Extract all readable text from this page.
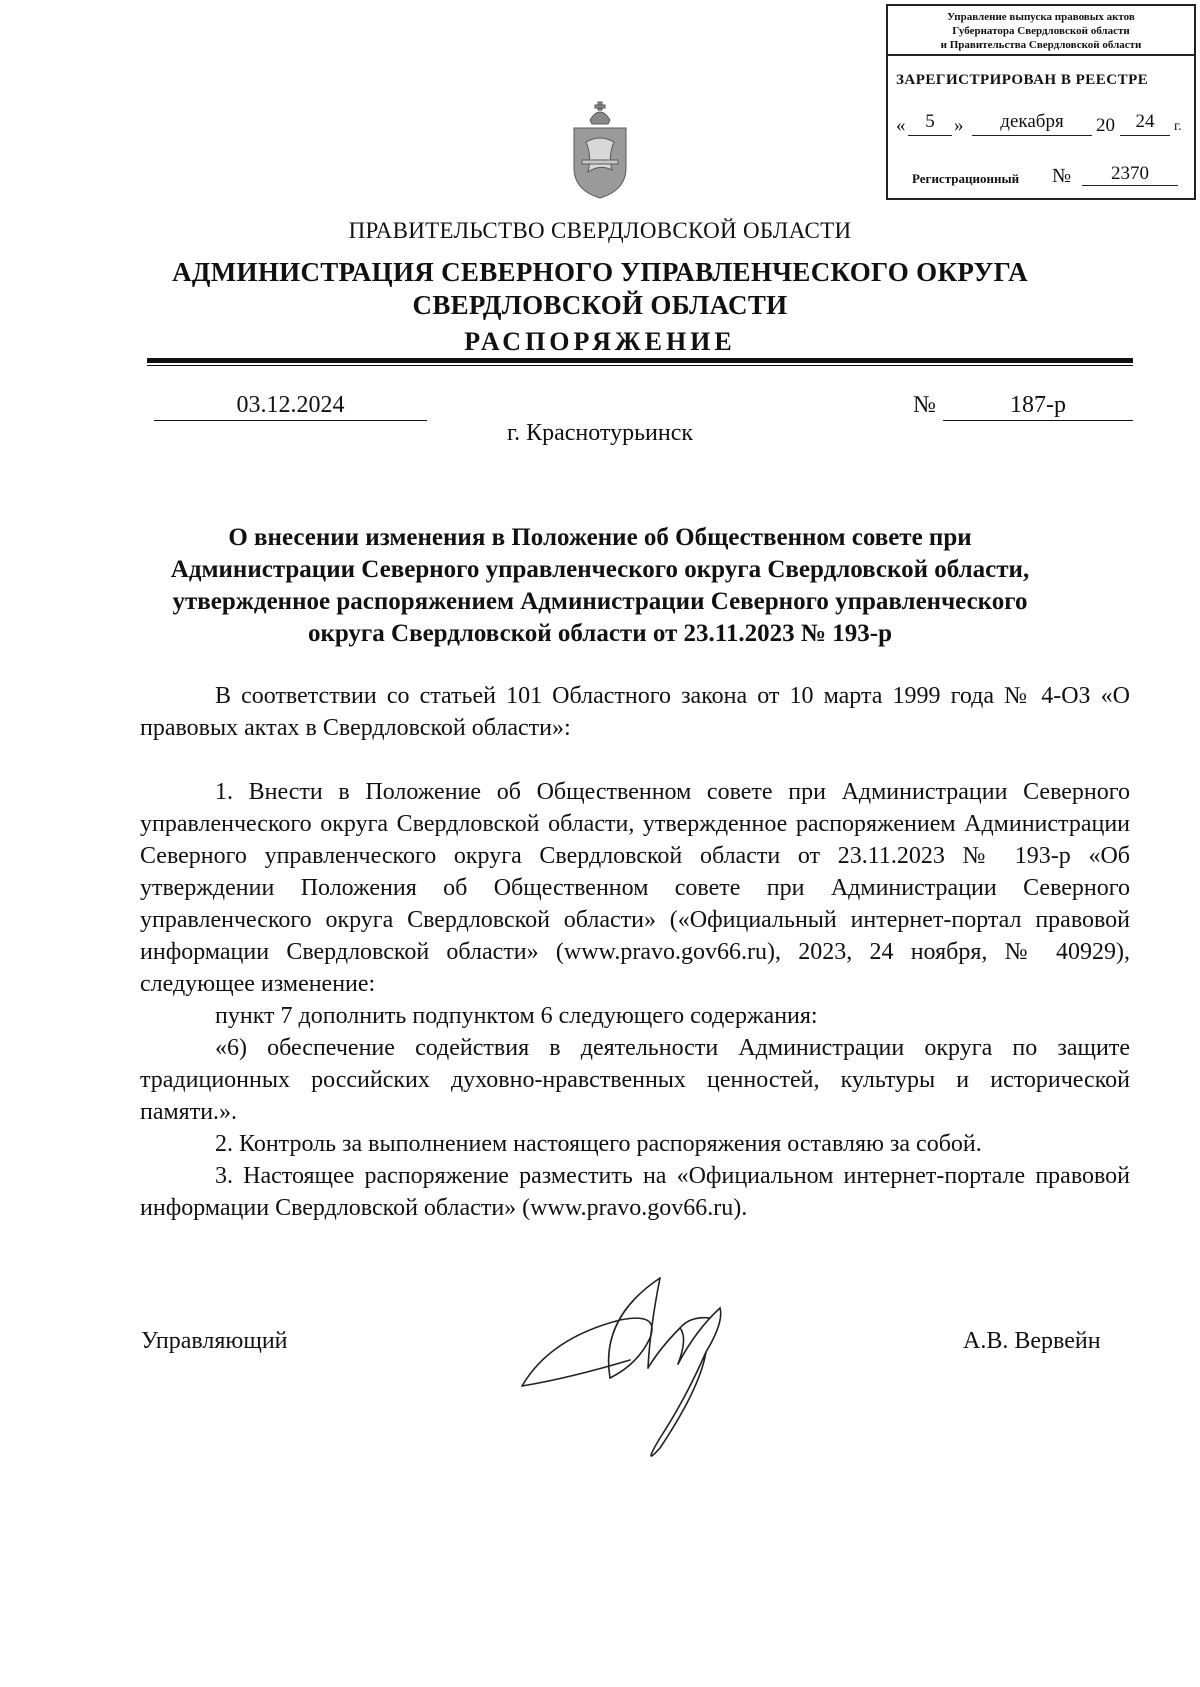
Управление выпуска правовых актов
Губернатора Свердловской области
и Правительства Свердловской области
ЗАРЕГИСТРИРОВАН В РЕЕСТРЕ
«	5	»	декабря	20	24	г.
Регистрационный №	2370
ПРАВИТЕЛЬСТВО СВЕРДЛОВСКОЙ ОБЛАСТИ
АДМИНИСТРАЦИЯ СЕВЕРНОГО УПРАВЛЕНЧЕСКОГО ОКРУГА
СВЕРДЛОВСКОЙ ОБЛАСТИ
РАСПОРЯЖЕНИЕ
03.12.2024	№	187-р
г. Краснотурьинск
О внесении изменения в Положение об Общественном совете при
Администрации Северного управленческого округа Свердловской области,
утвержденное распоряжением Администрации Северного управленческого
округа Свердловской области от 23.11.2023 № 193-р

В соответствии со статьей 101 Областного закона от 10 марта 1999 года № 4-ОЗ «О правовых актах в Свердловской области»:

1. Внести в Положение об Общественном совете при Администрации Северного управленческого округа Свердловской области, утвержденное распоряжением Администрации Северного управленческого округа Свердловской области от 23.11.2023 № 193-р «Об утверждении Положения об Общественном совете при Администрации Северного управленческого округа Свердловской области» («Официальный интернет-портал правовой информации Свердловской области» (www.pravo.gov66.ru), 2023, 24 ноября, № 40929), следующее изменение:

пункт 7 дополнить подпунктом 6 следующего содержания:

«6) обеспечение содействия в деятельности Администрации округа по защите традиционных российских духовно-нравственных ценностей, культуры и исторической памяти.».

2. Контроль за выполнением настоящего распоряжения оставляю за собой.

3. Настоящее распоряжение разместить на «Официальном интернет-портале правовой информации Свердловской области» (www.pravo.gov66.ru).

Управляющий	А.В. Вервейн
